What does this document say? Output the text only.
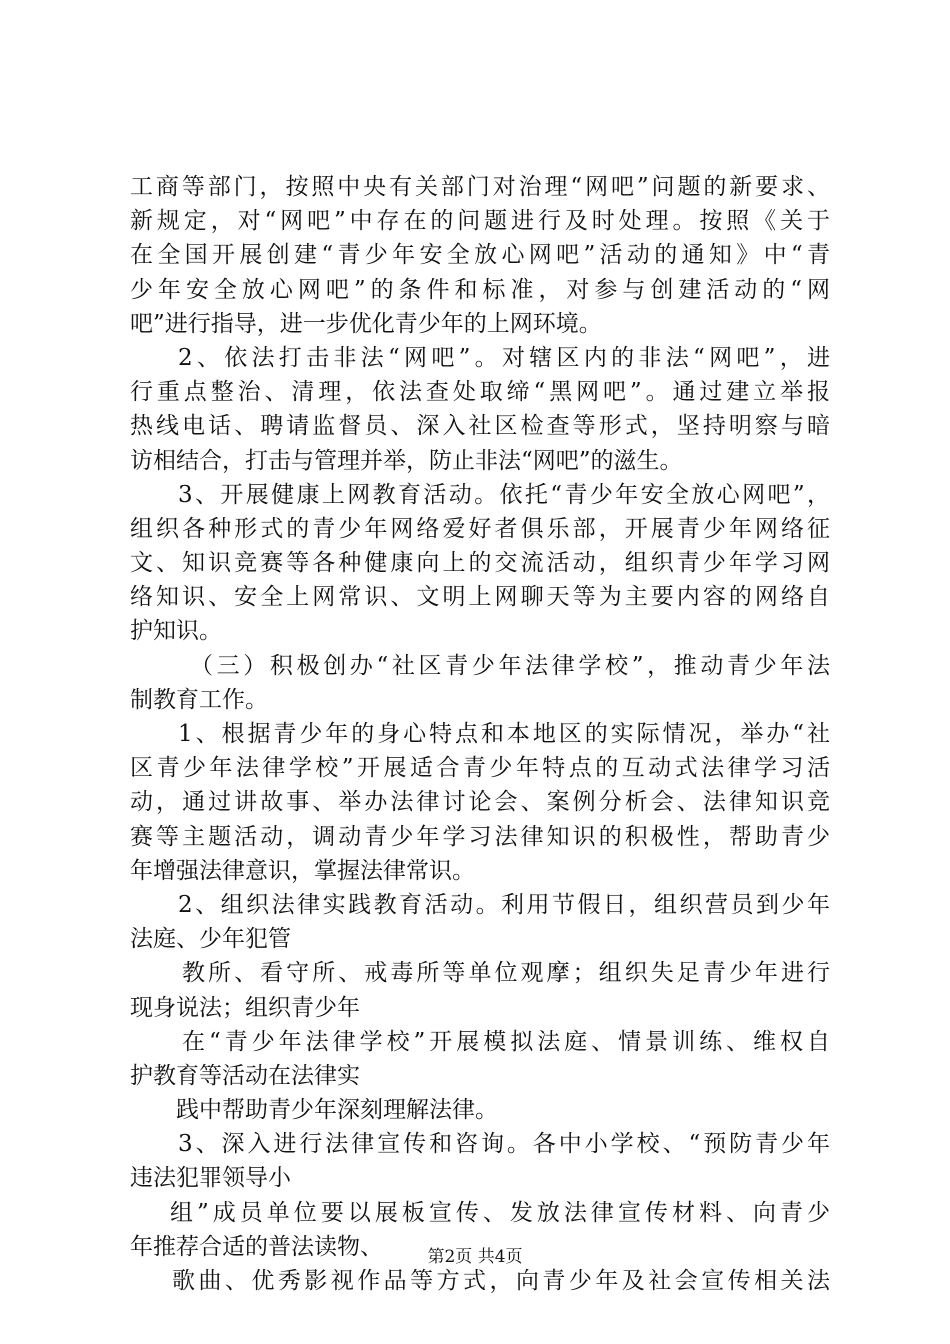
工商等部门，按照中央有关部门对治理“网吧”问题的新要求、
新规定，对“网吧”中存在的问题进行及时处理。按照《关于
在全国开展创建“青少年安全放心网吧”活动的通知》中“青
少年安全放心网吧”的条件和标准，对参与创建活动的“网
吧”进行指导，进一步优化青少年的上网环境。
2、依法打击非法“网吧”。对辖区内的非法“网吧”，进
行重点整治、清理，依法查处取缔“黑网吧”。通过建立举报
热线电话、聘请监督员、深入社区检查等形式，坚持明察与暗
访相结合，打击与管理并举，防止非法“网吧”的滋生。
3、开展健康上网教育活动。依托“青少年安全放心网吧”，
组织各种形式的青少年网络爱好者俱乐部，开展青少年网络征
文、知识竞赛等各种健康向上的交流活动，组织青少年学习网
络知识、安全上网常识、文明上网聊天等为主要内容的网络自
护知识。
（三）积极创办“社区青少年法律学校”，推动青少年法
制教育工作。
1、根据青少年的身心特点和本地区的实际情况，举办“社
区青少年法律学校”开展适合青少年特点的互动式法律学习活
动，通过讲故事、举办法律讨论会、案例分析会、法律知识竞
赛等主题活动，调动青少年学习法律知识的积极性，帮助青少
年增强法律意识，掌握法律常识。
2、组织法律实践教育活动。利用节假日，组织营员到少年
法庭、少年犯管
教所、看守所、戒毒所等单位观摩；组织失足青少年进行
现身说法；组织青少年
在“青少年法律学校”开展模拟法庭、情景训练、维权自
护教育等活动在法律实
践中帮助青少年深刻理解法律。
3、深入进行法律宣传和咨询。各中小学校、“预防青少年
违法犯罪领导小
组”成员单位要以展板宣传、发放法律宣传材料、向青少
年推荐合适的普法读物、
歌曲、优秀影视作品等方式，向青少年及社会宣传相关法
第2页 共4页
